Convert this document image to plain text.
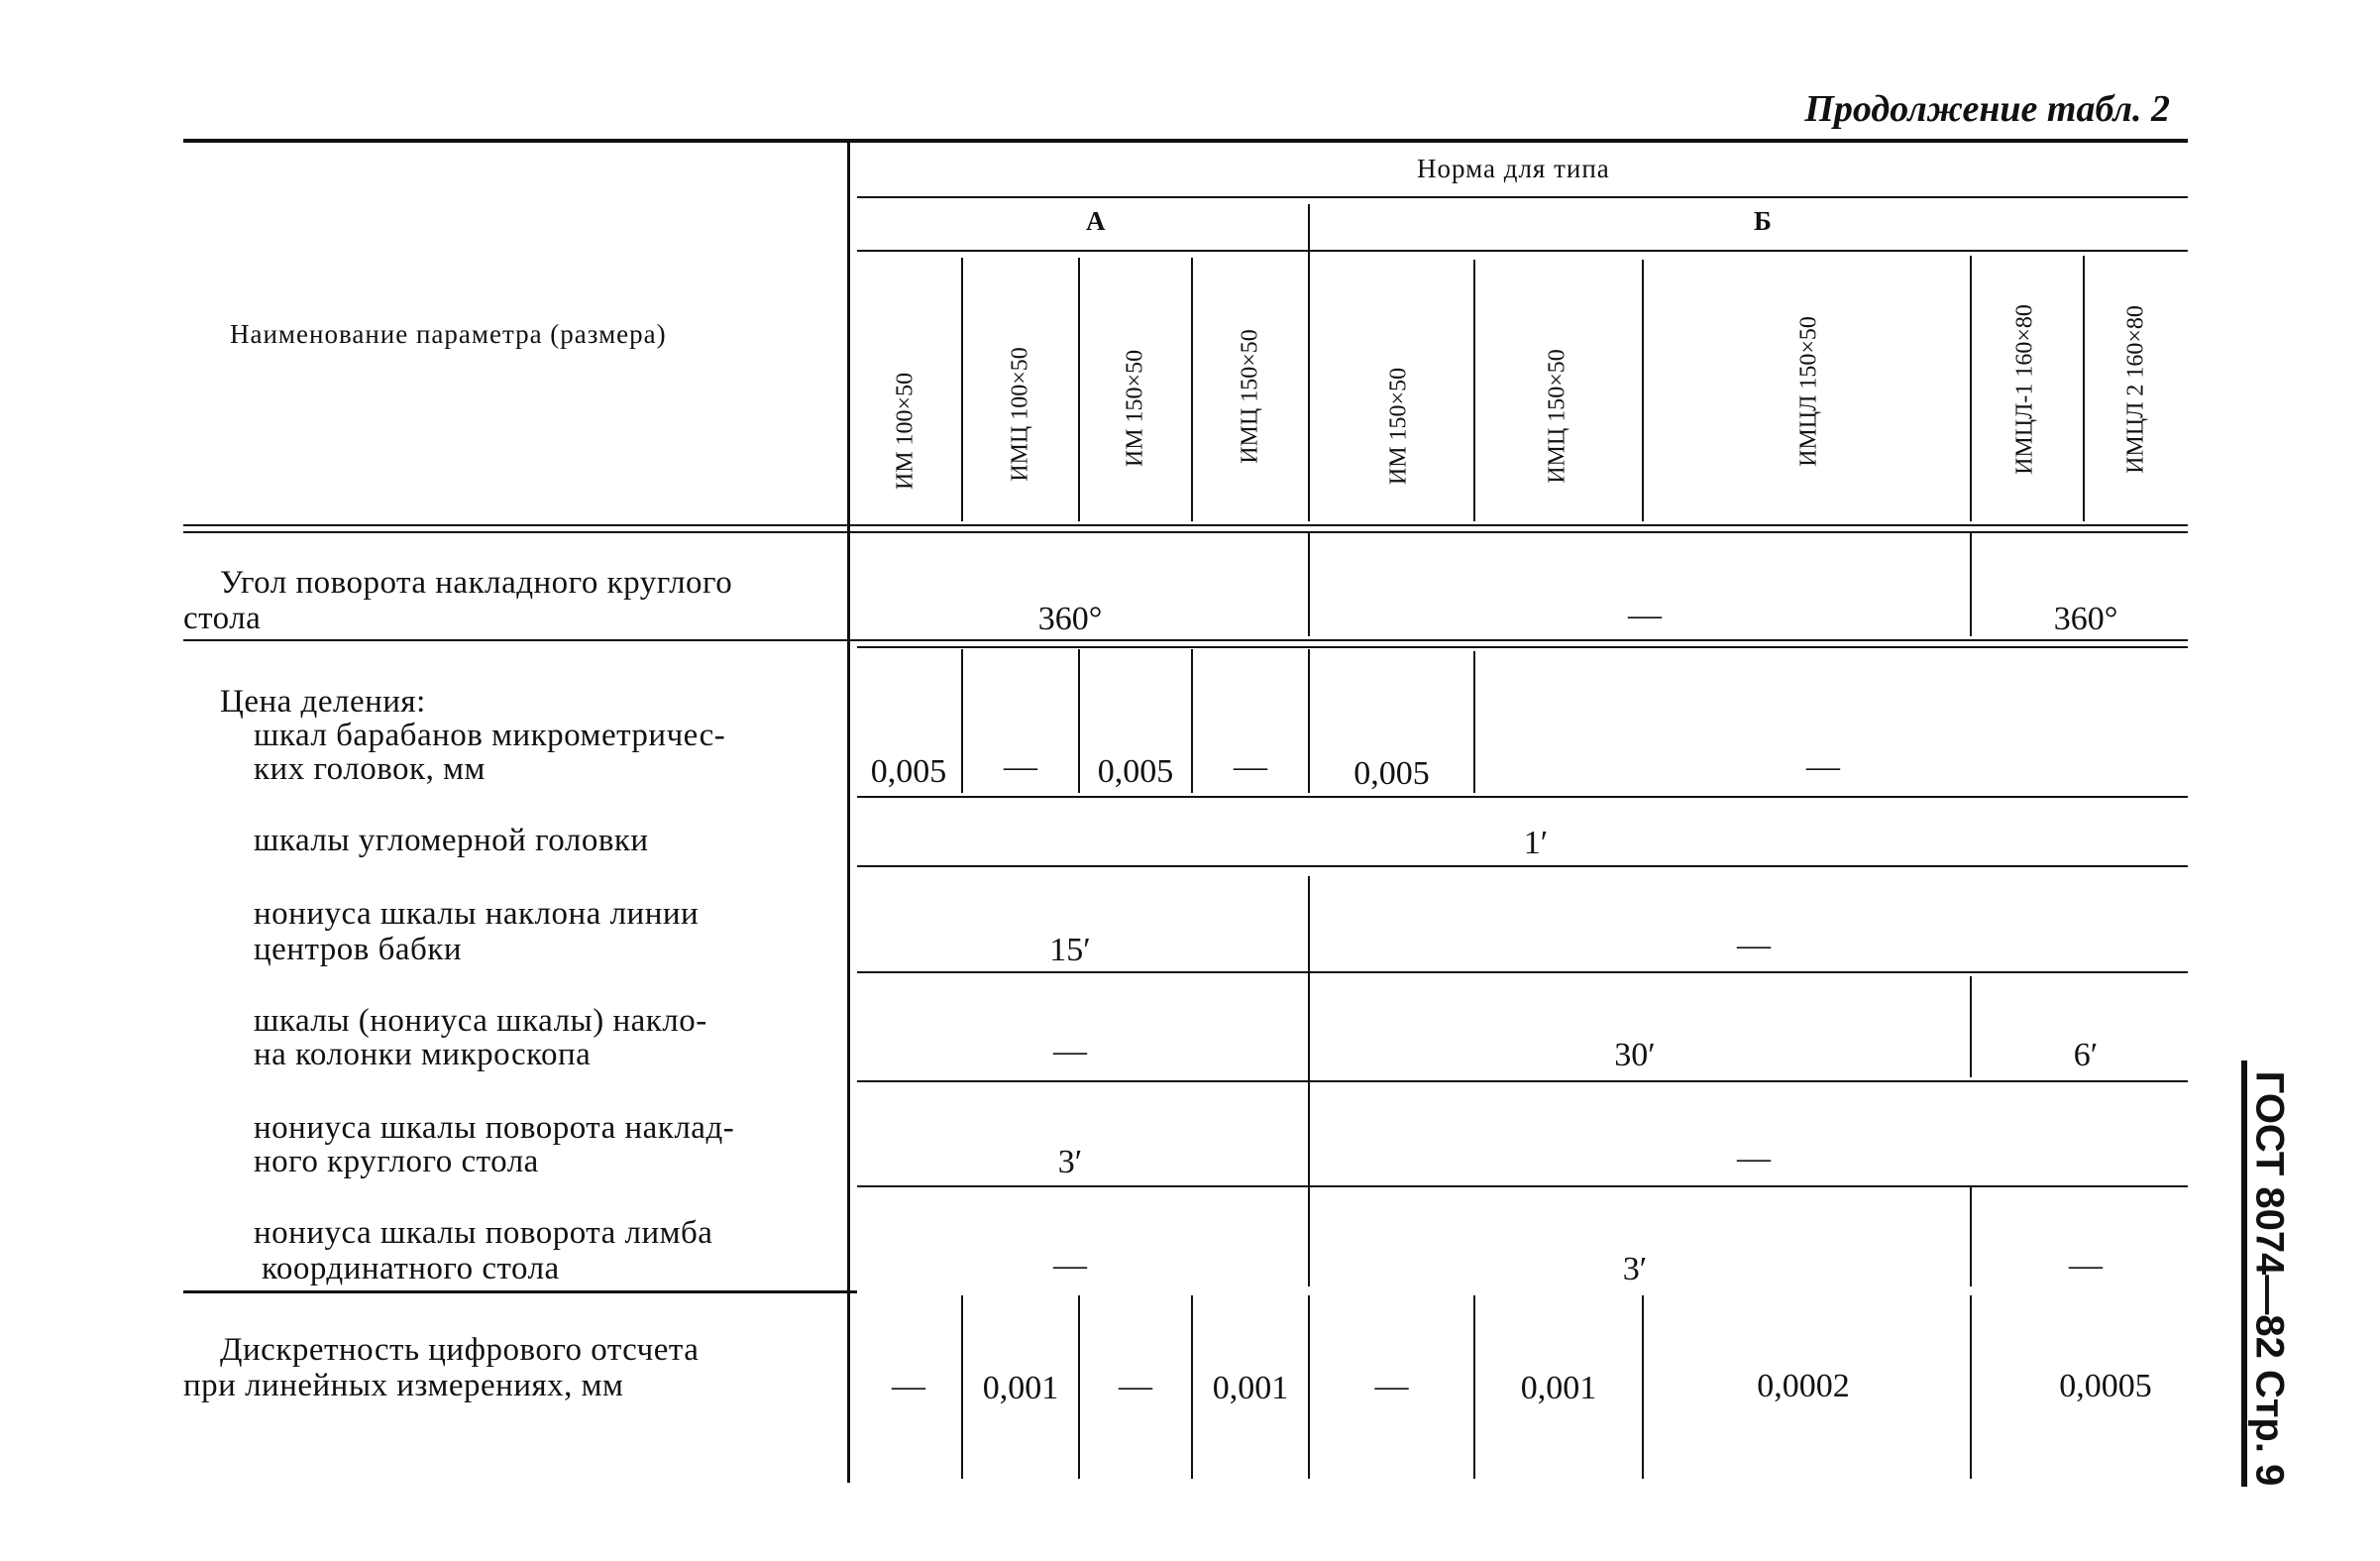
Продолжение табл. 2
Наименование параметра (размера)
Норма для типа
А	Б
ИМ 100×50	ИМЦ 100×50	ИМ 150×50	ИМЦ 150×50	ИМ 150×50	ИМЦ 150×50	ИМЦЛ 150×50	ИМЦЛ-1 160×80	ИМЦЛ 2 160×80
Угол поворота накладного круглого
стола	360°	—	360°
Цена деления:
шкал барабанов микрометричес-
ких головок, мм	0,005	—	0,005	—	0,005	—
шкалы угломерной головки	1′
нониуса шкалы наклона линии
центров бабки	15′	—
шкалы (нониуса шкалы) накло-
на колонки микроскопа	—	30′	6′
нониуса шкалы поворота наклад-
ного круглого стола	3′	—
нониуса шкалы поворота лимба
координатного стола	—	3′	—
Дискретность цифрового отсчета
при линейных измерениях, мм	—	0,001	—	0,001	—	0,001	0,0002	0,0005	ГОСТ 8074—82 Стр. 9
